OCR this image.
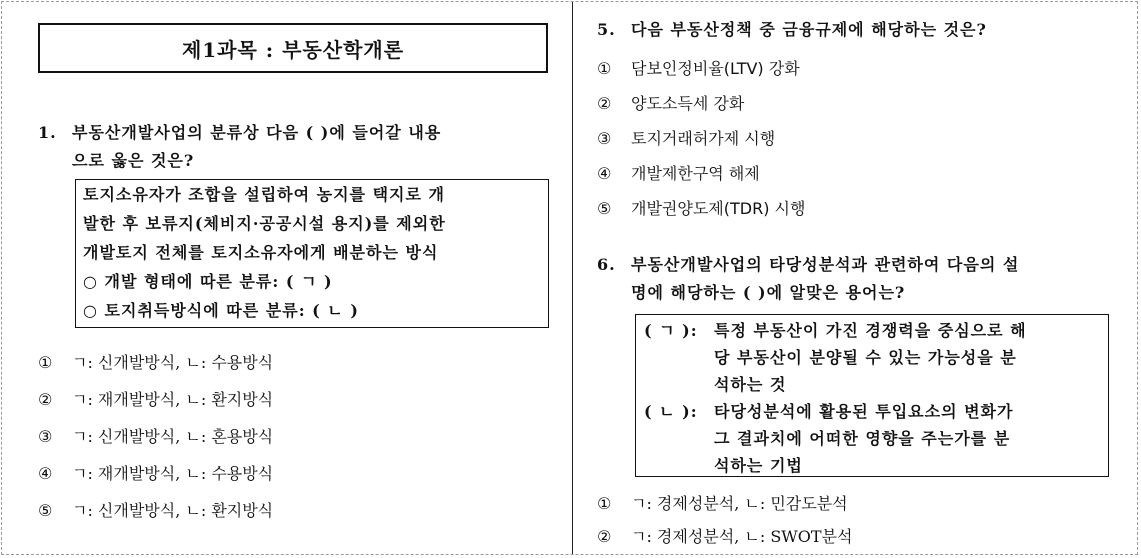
제1과목 : 부동산학개론
1. 부동산개발사업의 분류상 다음 ( )에 들어갈 내용
으로 옳은 것은?
토지소유자가 조합을 설립하여 농지를 택지로 개
발한 후 보류지(체비지·공공시설 용지)를 제외한
개발토지 전체를 토지소유자에게 배분하는 방식
○ 개발 형태에 따른 분류: ( ㄱ )
○ 토지취득방식에 따른 분류: ( ㄴ )
①	ㄱ: 신개발방식, ㄴ: 수용방식
②	ㄱ: 재개발방식, ㄴ: 환지방식
③	ㄱ: 신개발방식, ㄴ: 혼용방식
④	ㄱ: 재개발방식, ㄴ: 수용방식
⑤	ㄱ: 신개발방식, ㄴ: 환지방식
5. 다음 부동산정책 중 금융규제에 해당하는 것은?
①	담보인정비율(LTV) 강화
②	양도소득세 강화
③	토지거래허가제 시행
④	개발제한구역 해제
⑤	개발권양도제(TDR) 시행
6. 부동산개발사업의 타당성분석과 관련하여 다음의 설
명에 해당하는 ( )에 알맞은 용어는?
( ㄱ ):	특정 부동산이 가진 경쟁력을 중심으로 해
당 부동산이 분양될 수 있는 가능성을 분
석하는 것
( ㄴ ):	타당성분석에 활용된 투입요소의 변화가
그 결과치에 어떠한 영향을 주는가를 분
석하는 기법
①	ㄱ: 경제성분석, ㄴ: 민감도분석
②	ㄱ: 경제성분석, ㄴ: SWOT분석
